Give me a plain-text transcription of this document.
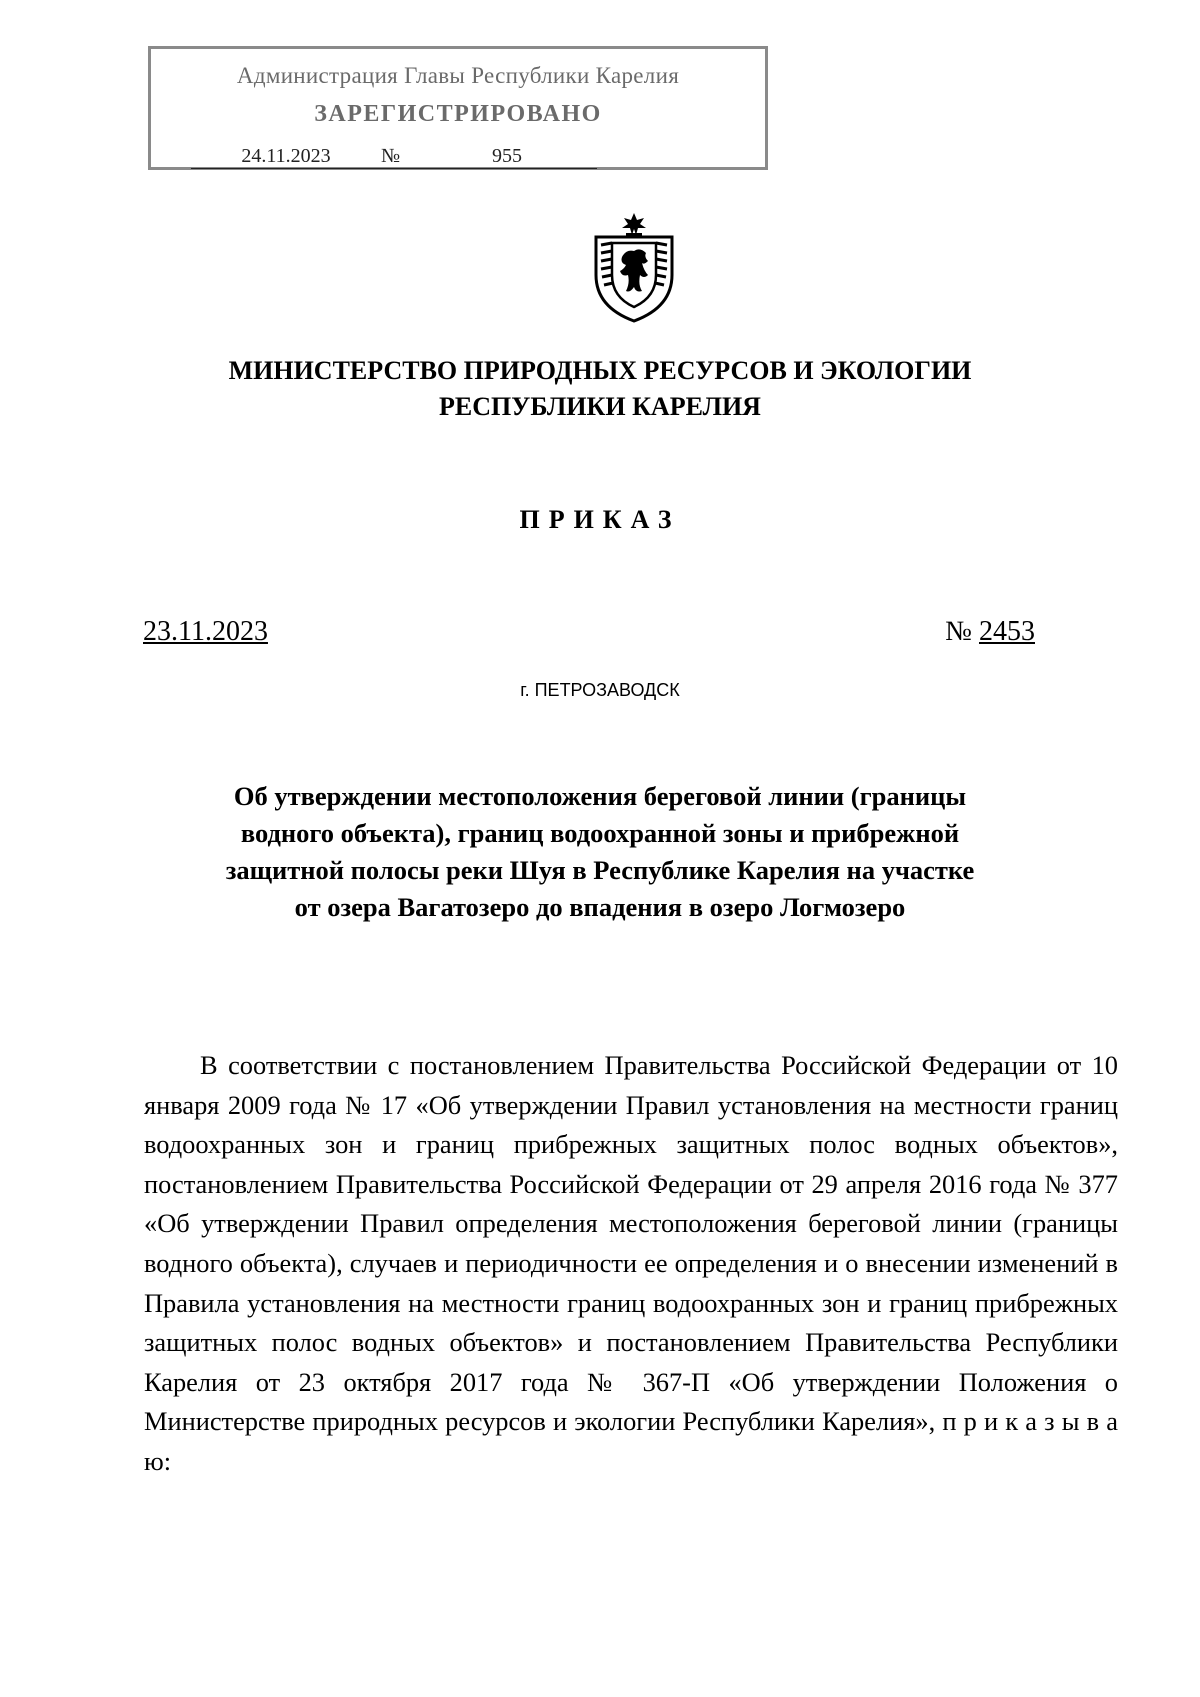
Администрация Главы Республики Карелия
ЗАРЕГИСТРИРОВАНО
24.11.2023	№	955
МИНИСТЕРСТВО ПРИРОДНЫХ РЕСУРСОВ И ЭКОЛОГИИ
РЕСПУБЛИКИ КАРЕЛИЯ
ПРИКАЗ
23.11.2023	№ 2453
г. ПЕТРОЗАВОДСК
Об утверждении местоположения береговой линии (границы
водного объекта), границ водоохранной зоны и прибрежной
защитной полосы реки Шуя в Республике Карелия на участке
от озера Вагатозеро до впадения в озеро Логмозеро
В соответствии с постановлением Правительства Российской Федерации от 10 января 2009 года № 17 «Об утверждении Правил установления на местности границ водоохранных зон и границ прибрежных защитных полос водных объектов», постановлением Правительства Российской Федерации от 29 апреля 2016 года № 377 «Об утверждении Правил определения местоположения береговой линии (границы водного объекта), случаев и периодичности ее определения и о внесении изменений в Правила установления на местности границ водоохранных зон и границ прибрежных защитных полос водных объектов» и постановлением Правительства Республики Карелия от 23 октября 2017 года № 367-П «Об утверждении Положения о Министерстве природных ресурсов и экологии Республики Карелия», п р и к а з ы в а ю:
